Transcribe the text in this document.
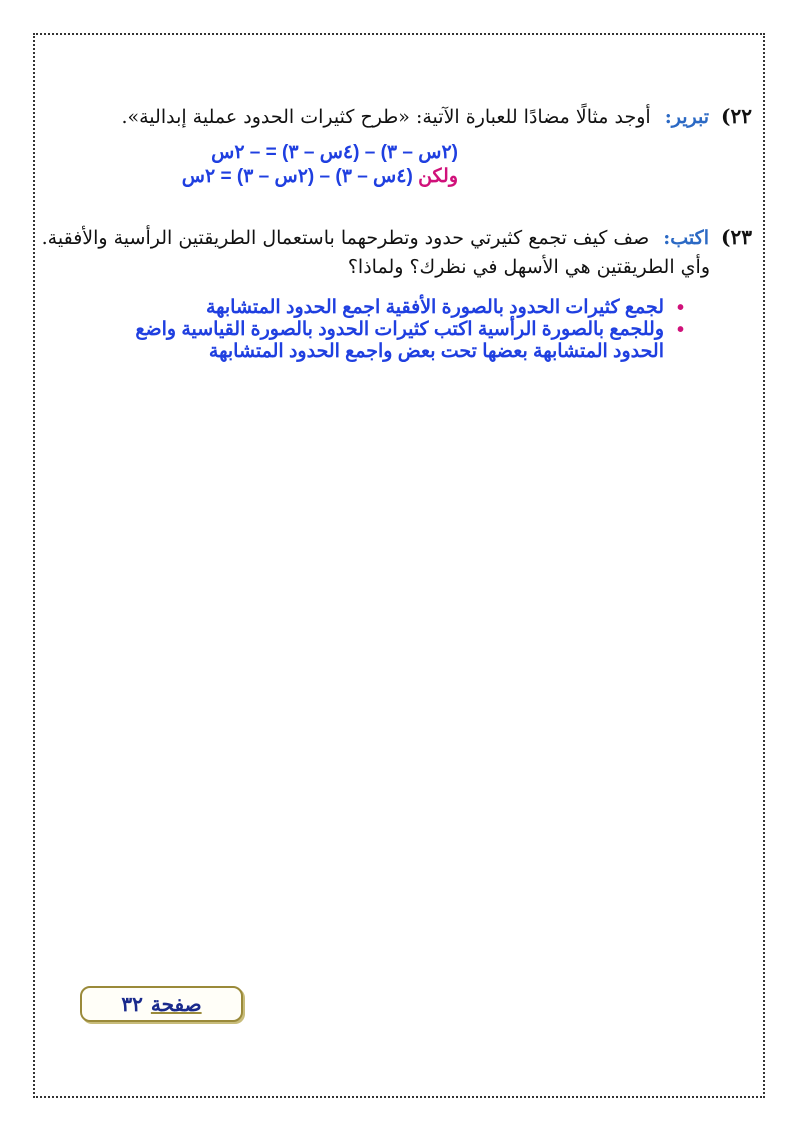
٢٢) تبرير: أوجد مثالًا مضادًا للعبارة الآتية: «طرح كثيرات الحدود عملية إبدالية».
(٢س – ٣) – (٤س – ٣) = – ٢س
ولكن (٤س – ٣) – (٢س – ٣) = ٢س
٢٣) اكتب: صف كيف تجمع كثيرتي حدود وتطرحهما باستعمال الطريقتين الرأسية والأفقية.
وأي الطريقتين هي الأسهل في نظرك؟ ولماذا؟
•
لجمع كثيرات الحدود بالصورة الأفقية اجمع الحدود المتشابهة
•
وللجمع بالصورة الرأسية اكتب كثيرات الحدود بالصورة القياسية واضع الحدود المتشابهة بعضها تحت بعض واجمع الحدود المتشابهة
صفحة
٣٢
